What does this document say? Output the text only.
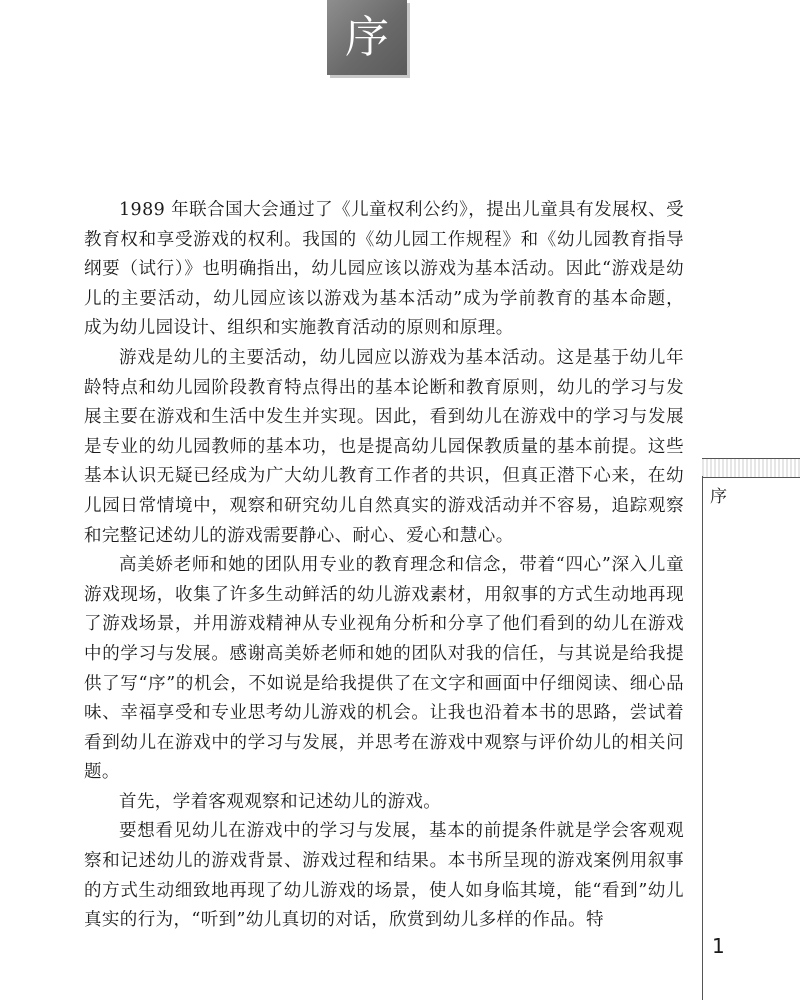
序

1989 年联合国大会通过了《儿童权利公约》，提出儿童具有发展权、受教育权和享受游戏的权利。我国的《幼儿园工作规程》和《幼儿园教育指导纲要（试行）》也明确指出，幼儿园应该以游戏为基本活动。因此“游戏是幼儿的主要活动，幼儿园应该以游戏为基本活动”成为学前教育的基本命题，成为幼儿园设计、组织和实施教育活动的原则和原理。

游戏是幼儿的主要活动，幼儿园应以游戏为基本活动。这是基于幼儿年龄特点和幼儿园阶段教育特点得出的基本论断和教育原则，幼儿的学习与发展主要在游戏和生活中发生并实现。因此，看到幼儿在游戏中的学习与发展是专业的幼儿园教师的基本功，也是提高幼儿园保教质量的基本前提。这些基本认识无疑已经成为广大幼儿教育工作者的共识，但真正潜下心来，在幼儿园日常情境中，观察和研究幼儿自然真实的游戏活动并不容易，追踪观察和完整记述幼儿的游戏需要静心、耐心、爱心和慧心。

高美娇老师和她的团队用专业的教育理念和信念，带着“四心”深入儿童游戏现场，收集了许多生动鲜活的幼儿游戏素材，用叙事的方式生动地再现了游戏场景，并用游戏精神从专业视角分析和分享了他们看到的幼儿在游戏中的学习与发展。感谢高美娇老师和她的团队对我的信任，与其说是给我提供了写“序”的机会，不如说是给我提供了在文字和画面中仔细阅读、细心品味、幸福享受和专业思考幼儿游戏的机会。让我也沿着本书的思路，尝试着看到幼儿在游戏中的学习与发展，并思考在游戏中观察与评价幼儿的相关问题。

首先，学着客观观察和记述幼儿的游戏。

要想看见幼儿在游戏中的学习与发展，基本的前提条件就是学会客观观察和记述幼儿的游戏背景、游戏过程和结果。本书所呈现的游戏案例用叙事的方式生动细致地再现了幼儿游戏的场景，使人如身临其境，能“看到”幼儿真实的行为，“听到”幼儿真切的对话，欣赏到幼儿多样的作品。特

序
1
